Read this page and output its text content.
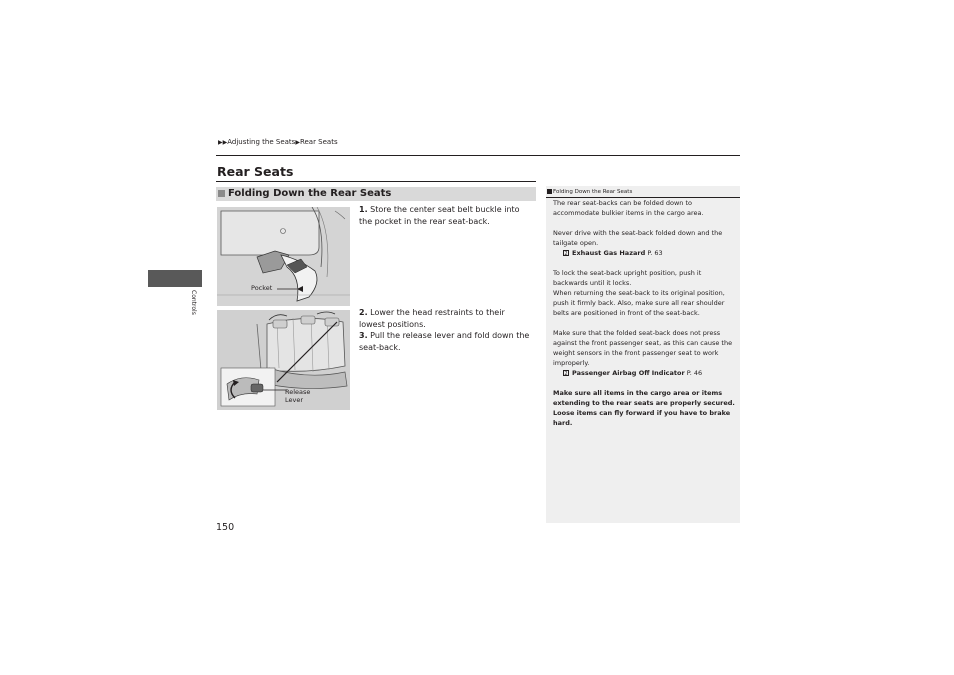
▶▶Adjusting the Seats▶Rear Seats
Rear Seats
Folding Down the Rear Seats
Controls
Pocket
Release
Lever
1. Store the center seat belt buckle into the pocket in the rear seat-back.
2. Lower the head restraints to their lowest positions.
3. Pull the release lever and fold down the seat-back.
Folding Down the Rear Seats
The rear seat-backs can be folded down to accommodate bulkier items in the cargo area.
Never drive with the seat-back folded down and the tailgate open.
2 Exhaust Gas Hazard P. 63
To lock the seat-back upright position, push it backwards until it locks.
When returning the seat-back to its original position, push it firmly back. Also, make sure all rear shoulder belts are positioned in front of the seat-back.
Make sure that the folded seat-back does not press against the front passenger seat, as this can cause the weight sensors in the front passenger seat to work improperly.
2 Passenger Airbag Off Indicator P. 46
Make sure all items in the cargo area or items extending to the rear seats are properly secured. Loose items can fly forward if you have to brake hard.
150
